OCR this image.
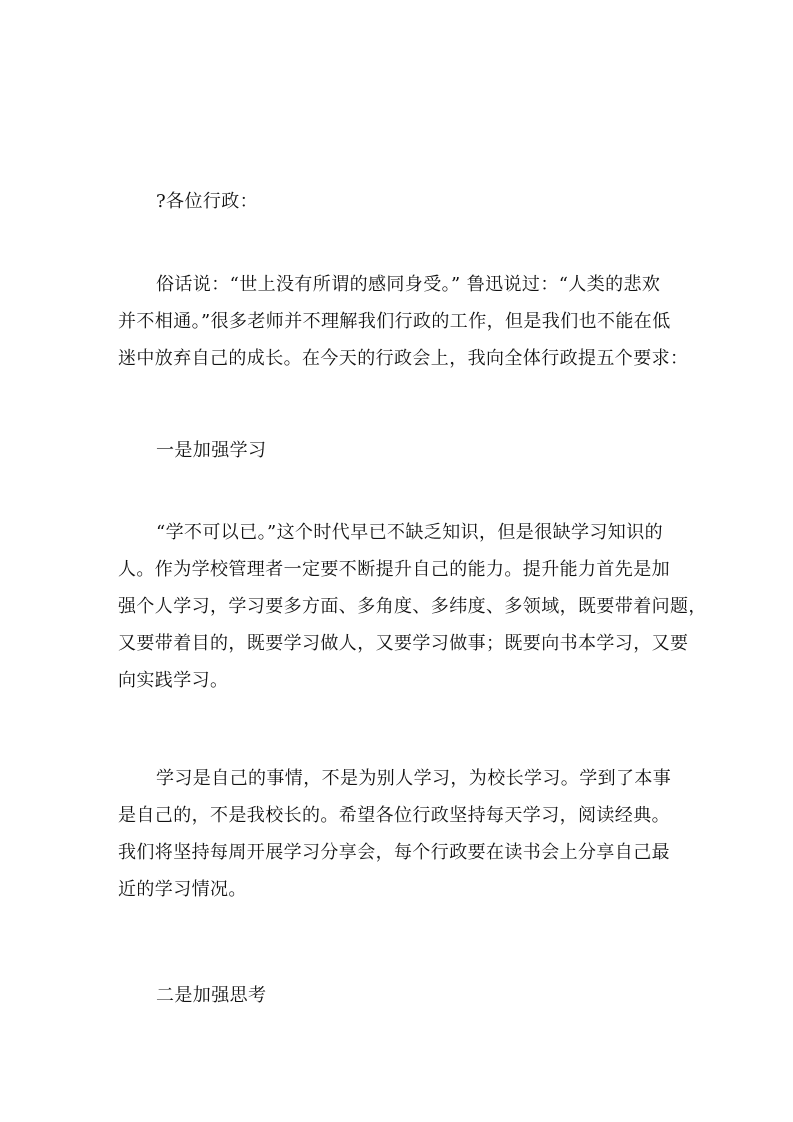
?各位行政：

俗话说：“世上没有所谓的感同身受。” 鲁迅说过：“人类的悲欢
并不相通。”很多老师并不理解我们行政的工作，但是我们也不能在低
迷中放弃自己的成长。在今天的行政会上，我向全体行政提五个要求：

一是加强学习

“学不可以已。”这个时代早已不缺乏知识，但是很缺学习知识的
人。作为学校管理者一定要不断提升自己的能力。提升能力首先是加
强个人学习，学习要多方面、多角度、多纬度、多领域，既要带着问题，
又要带着目的，既要学习做人，又要学习做事；既要向书本学习，又要
向实践学习。

学习是自己的事情，不是为别人学习，为校长学习。学到了本事
是自己的，不是我校长的。希望各位行政坚持每天学习，阅读经典。
我们将坚持每周开展学习分享会，每个行政要在读书会上分享自己最
近的学习情况。

二是加强思考
